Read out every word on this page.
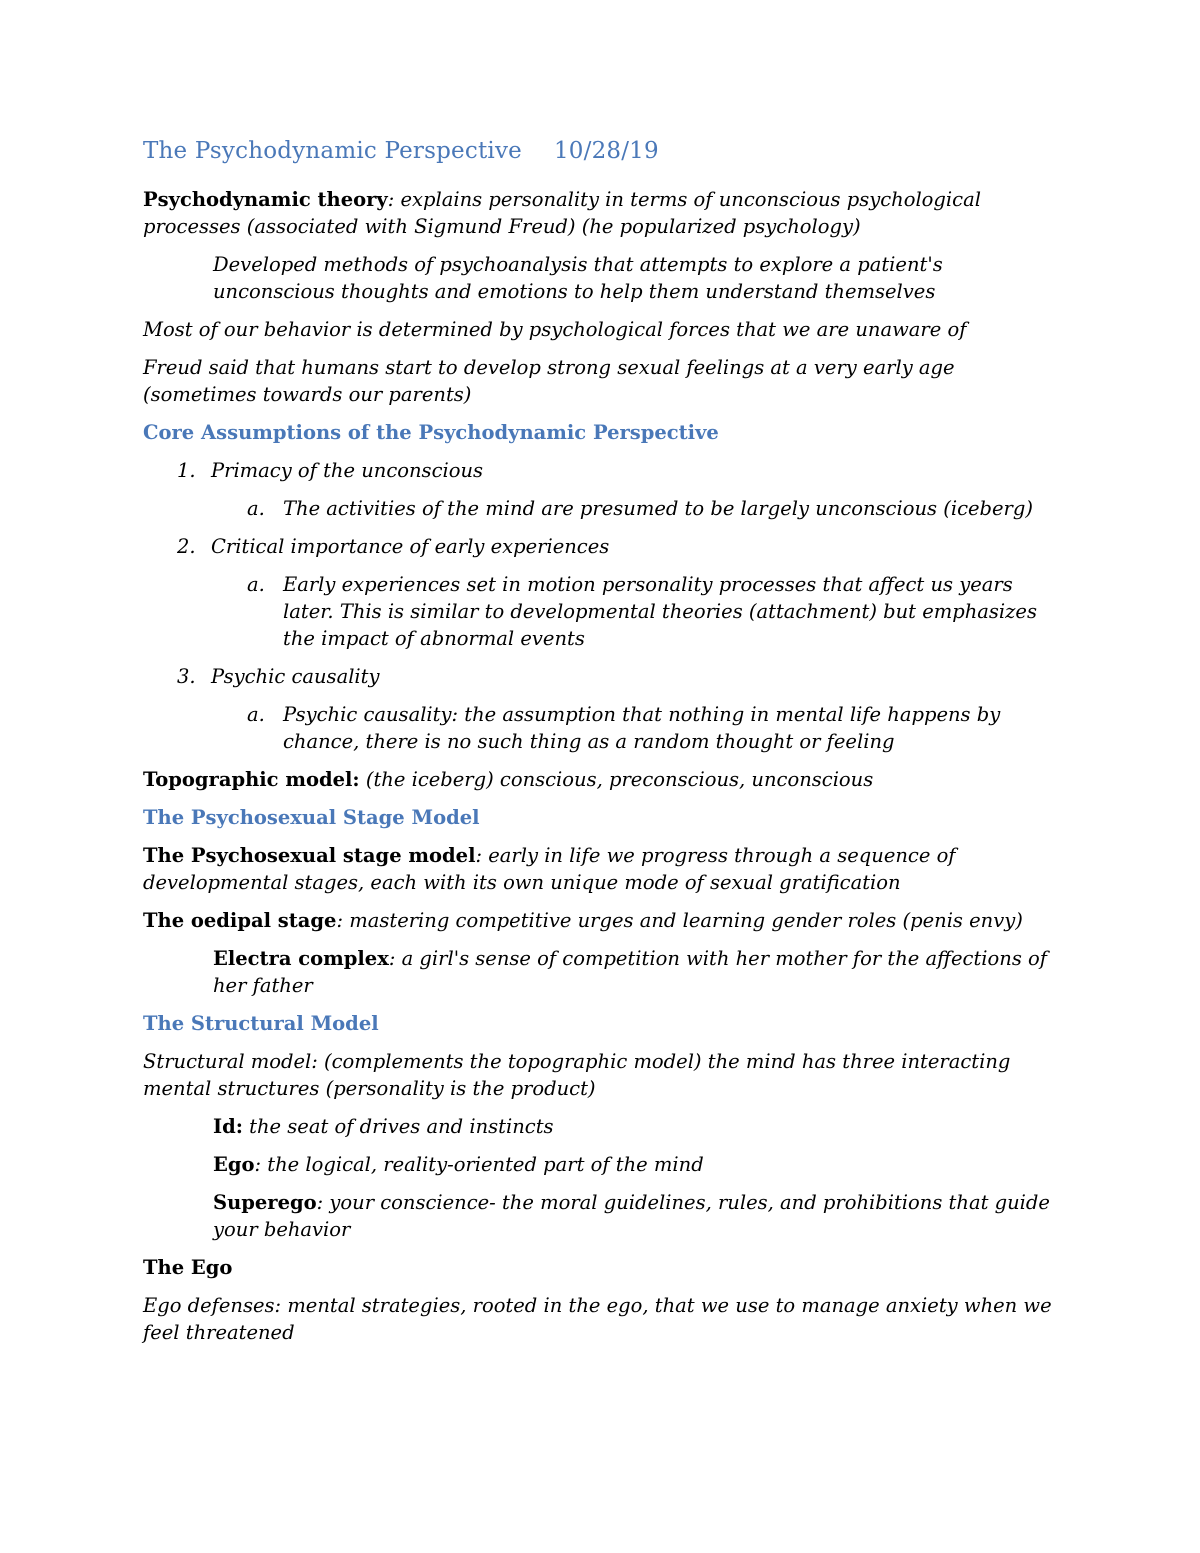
The Psychodynamic Perspective 10/28/19

Psychodynamic theory: explains personality in terms of unconscious psychological processes (associated with Sigmund Freud) (he popularized psychology)

Developed methods of psychoanalysis that attempts to explore a patient's unconscious thoughts and emotions to help them understand themselves

Most of our behavior is determined by psychological forces that we are unaware of

Freud said that humans start to develop strong sexual feelings at a very early age (sometimes towards our parents)

Core Assumptions of the Psychodynamic Perspective
1. Primacy of the unconscious
a. The activities of the mind are presumed to be largely unconscious (iceberg)
2. Critical importance of early experiences
a. Early experiences set in motion personality processes that affect us years later. This is similar to developmental theories (attachment) but emphasizes the impact of abnormal events
3. Psychic causality
a. Psychic causality: the assumption that nothing in mental life happens by chance, there is no such thing as a random thought or feeling

Topographic model: (the iceberg) conscious, preconscious, unconscious

The Psychosexual Stage Model

The Psychosexual stage model: early in life we progress through a sequence of developmental stages, each with its own unique mode of sexual gratification

The oedipal stage: mastering competitive urges and learning gender roles (penis envy)

Electra complex: a girl's sense of competition with her mother for the affections of her father

The Structural Model

Structural model: (complements the topographic model) the mind has three interacting mental structures (personality is the product)

Id: the seat of drives and instincts

Ego: the logical, reality-oriented part of the mind

Superego: your conscience- the moral guidelines, rules, and prohibitions that guide your behavior

The Ego

Ego defenses: mental strategies, rooted in the ego, that we use to manage anxiety when we feel threatened
